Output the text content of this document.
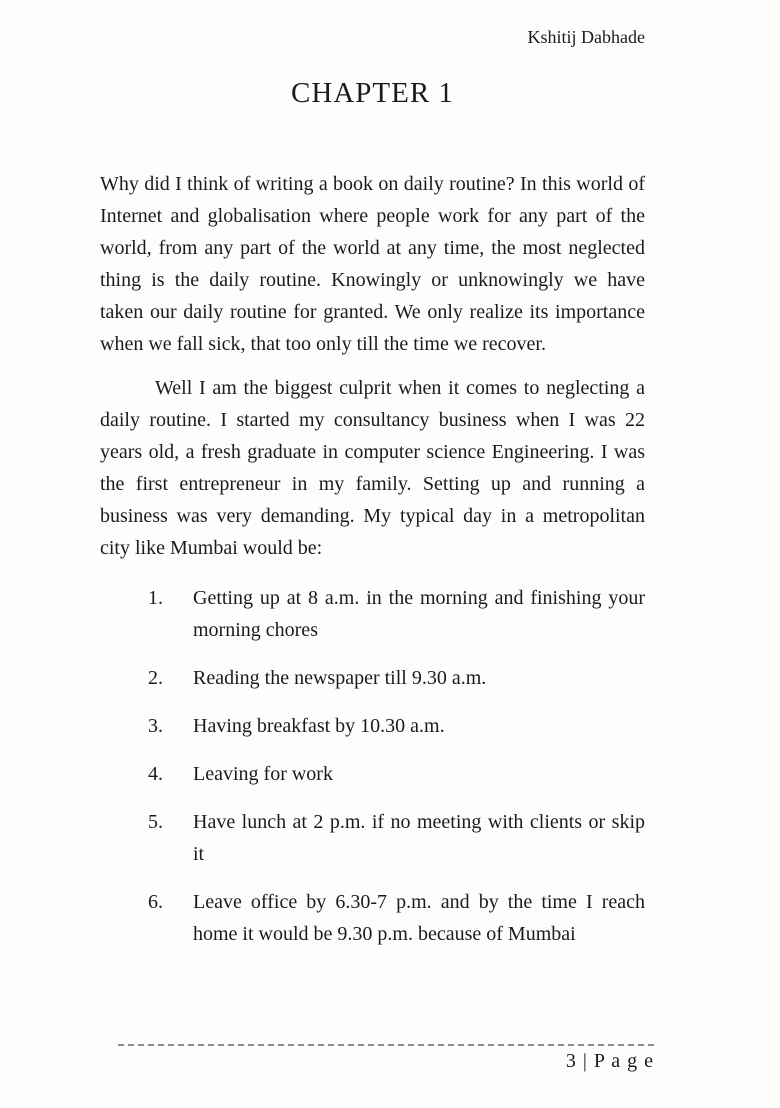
Kshitij Dabhade
CHAPTER 1

Why did I think of writing a book on daily routine? In this world of Internet and globalisation where people work for any part of the world, from any part of the world at any time, the most neglected thing is the daily routine. Knowingly or unknowingly we have taken our daily routine for granted. We only realize its importance when we fall sick, that too only till the time we recover.

Well I am the biggest culprit when it comes to neglecting a daily routine. I started my consultancy business when I was 22 years old, a fresh graduate in computer science Engineering. I was the first entrepreneur in my family. Setting up and running a business was very demanding. My typical day in a metropolitan city like Mumbai would be:

1.	Getting up at 8 a.m. in the morning and finishing your morning chores
2.	Reading the newspaper till 9.30 a.m.
3.	Having breakfast by 10.30 a.m.
4.	Leaving for work
5.	Have lunch at 2 p.m. if no meeting with clients or skip it
6.	Leave office by 6.30-7 p.m. and by the time I reach home it would be 9.30 p.m. because of Mumbai
3 | P a g e
